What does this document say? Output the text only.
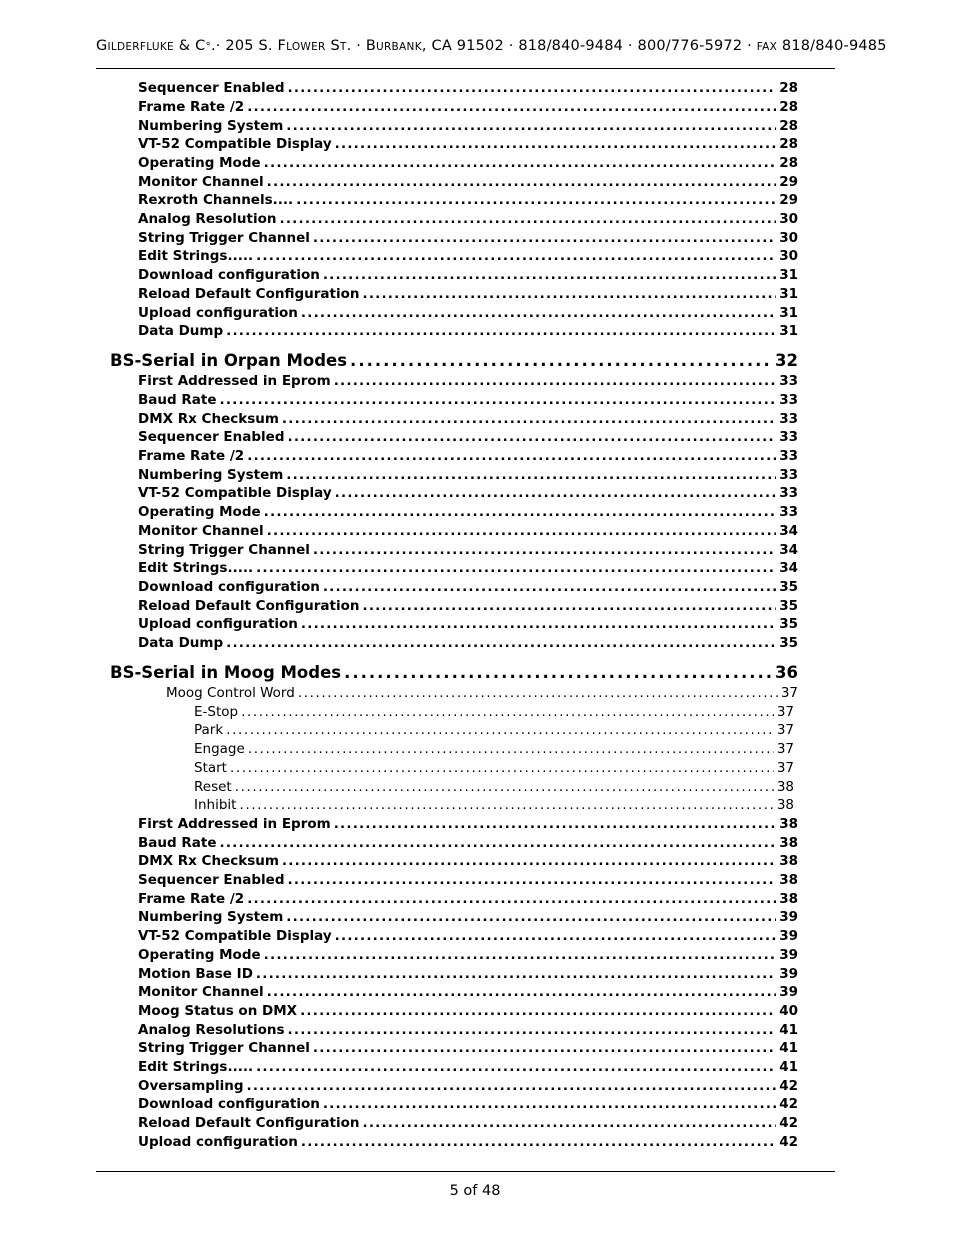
GILDERFLUKE & C°.· 205 S. FLOWER ST. · BURBANK, CA 91502 · 818/840-9484 · 800/776-5972 · FAX 818/840-9485
Sequencer Enabled .....	28
Frame Rate /2 .....	28
Numbering System .....	28
VT-52 Compatible Display .....	28
Operating Mode .....	28
Monitor Channel .....	29
Rexroth Channels.... .....	29
Analog Resolution .....	30
String Trigger Channel .....	30
Edit Strings..... .....	30
Download configuration .....	31
Reload Default Configuration .....	31
Upload configuration .....	31
Data Dump .....	31
BS-Serial in Orpan Modes .....	32
First Addressed in Eprom .....	33
Baud Rate .....	33
DMX Rx Checksum .....	33
Sequencer Enabled .....	33
Frame Rate /2 .....	33
Numbering System .....	33
VT-52 Compatible Display .....	33
Operating Mode .....	33
Monitor Channel .....	34
String Trigger Channel .....	34
Edit Strings..... .....	34
Download configuration .....	35
Reload Default Configuration .....	35
Upload configuration .....	35
Data Dump .....	35
BS-Serial in Moog Modes .....	36
Moog Control Word .....	37
E-Stop .....	37
Park .....	37
Engage .....	37
Start .....	37
Reset .....	38
Inhibit .....	38
First Addressed in Eprom .....	38
Baud Rate .....	38
DMX Rx Checksum .....	38
Sequencer Enabled .....	38
Frame Rate /2 .....	38
Numbering System .....	39
VT-52 Compatible Display .....	39
Operating Mode .....	39
Motion Base ID .....	39
Monitor Channel .....	39
Moog Status on DMX .....	40
Analog Resolutions .....	41
String Trigger Channel .....	41
Edit Strings..... .....	41
Oversampling .....	42
Download configuration .....	42
Reload Default Configuration .....	42
Upload configuration .....	42
5 of 48
